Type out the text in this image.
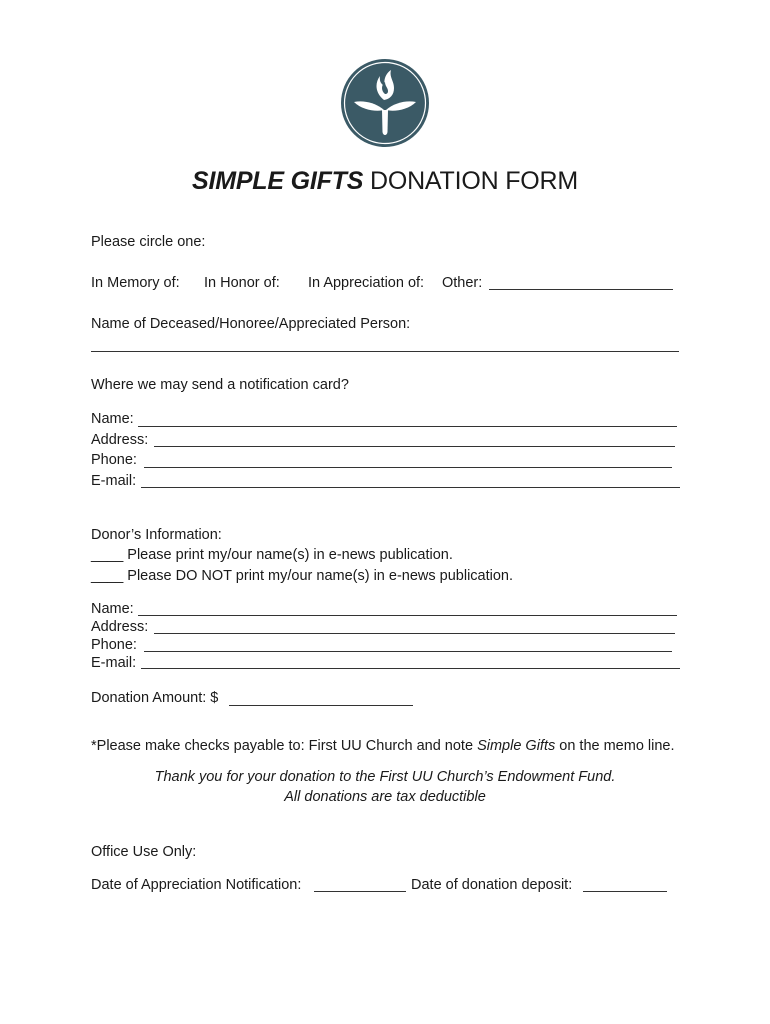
SIMPLE GIFTS DONATION FORM
Please circle one:
In Memory of: In Honor of: In Appreciation of: Other:
Name of Deceased/Honoree/Appreciated Person:
Where we may send a notification card?
Name:
Address:
Phone:
E-mail:
Donor’s Information:
____ Please print my/our name(s) in e-news publication.
____ Please DO NOT print my/our name(s) in e-news publication.
Name:
Address:
Phone:
E-mail:
Donation Amount: $
*Please make checks payable to: First UU Church and note Simple Gifts on the memo line.
Thank you for your donation to the First UU Church’s Endowment Fund.
All donations are tax deductible
Office Use Only:
Date of Appreciation Notification:	Date of donation deposit:
